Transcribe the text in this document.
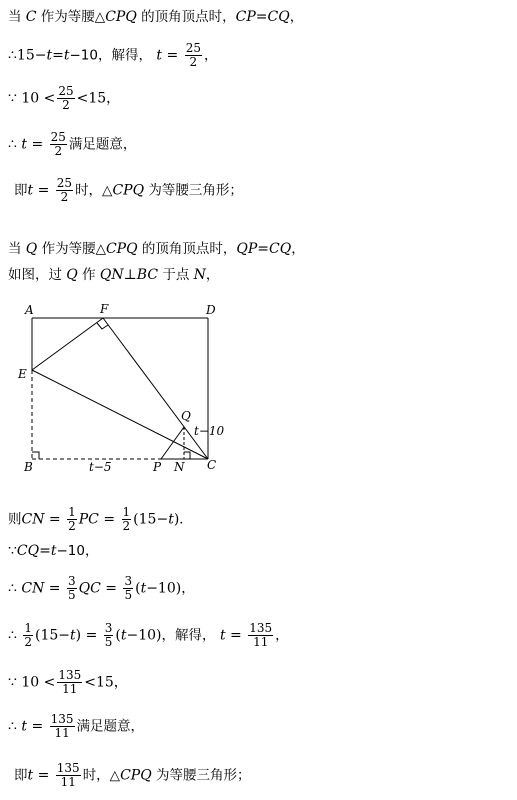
当 C 作为等腰△CPQ 的顶角顶点时，CP=CQ，
∴15−t=t−10，解得， $t = \frac{25}{2}$ ，
∵ $10 < \frac{25}{2} <15$，
∴ $t = \frac{25}{2}$ 满足题意，
即$t = \frac{25}{2}$ 时，△CPQ 为等腰三角形；
当 Q 作为等腰△CPQ 的顶角顶点时，QP=CQ，
如图，过 Q 作 QN⊥BC 于点 N，
A	F	D
E
Q
t−10
B	t−5	P N C
则CN = $\frac{1}{2}$ PC = $\frac{1}{2} (15-t)$．
∵CQ=t−10，
∴ CN = $\frac{3}{5}$ QC = $\frac{3}{5} (t-10)$，
∴ $\frac{1}{2} (15-t) = \frac{3}{5} (t-10)$，解得， $t = \frac{135}{11}$ ，
∵ $10 < \frac{135}{11} <15$，
∴ $t = \frac{135}{11}$ 满足题意，
即$t = \frac{135}{11}$ 时，△CPQ 为等腰三角形；
